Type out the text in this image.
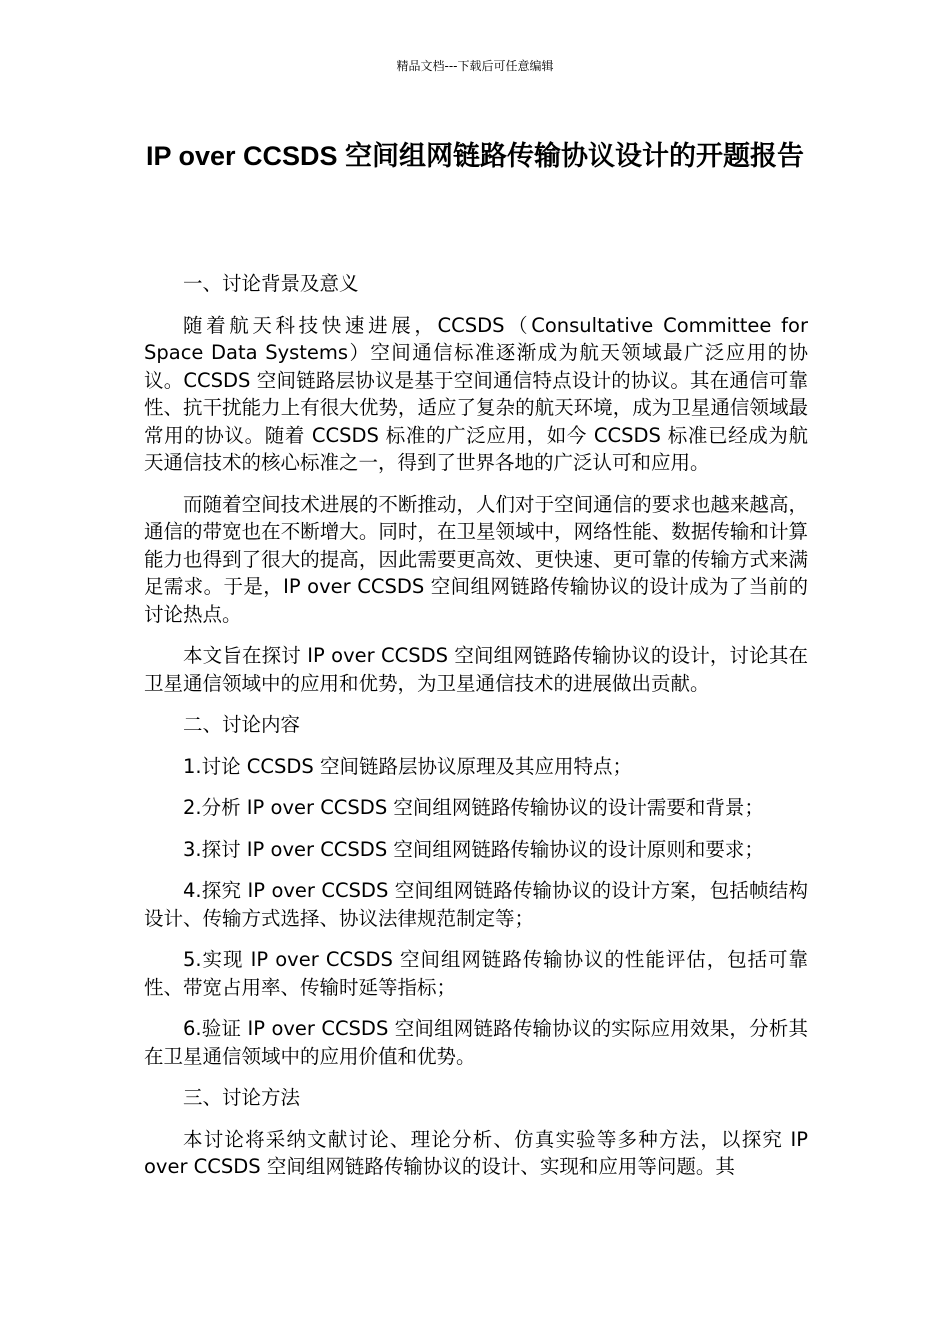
精品文档---下载后可任意编辑
IP over CCSDS 空间组网链路传输协议设计的开题报告

一、讨论背景及意义

随着航天科技快速进展，CCSDS（Consultative Committee for Space Data Systems）空间通信标准逐渐成为航天领域最广泛应用的协议。CCSDS 空间链路层协议是基于空间通信特点设计的协议。其在通信可靠性、抗干扰能力上有很大优势，适应了复杂的航天环境，成为卫星通信领域最常用的协议。随着 CCSDS 标准的广泛应用，如今 CCSDS 标准已经成为航天通信技术的核心标准之一，得到了世界各地的广泛认可和应用。

而随着空间技术进展的不断推动，人们对于空间通信的要求也越来越高，通信的带宽也在不断增大。同时，在卫星领域中，网络性能、数据传输和计算能力也得到了很大的提高，因此需要更高效、更快速、更可靠的传输方式来满足需求。于是，IP over CCSDS 空间组网链路传输协议的设计成为了当前的讨论热点。

本文旨在探讨 IP over CCSDS 空间组网链路传输协议的设计，讨论其在卫星通信领域中的应用和优势，为卫星通信技术的进展做出贡献。

二、讨论内容

1.讨论 CCSDS 空间链路层协议原理及其应用特点；

2.分析 IP over CCSDS 空间组网链路传输协议的设计需要和背景；

3.探讨 IP over CCSDS 空间组网链路传输协议的设计原则和要求；

4.探究 IP over CCSDS 空间组网链路传输协议的设计方案，包括帧结构设计、传输方式选择、协议法律规范制定等；

5.实现 IP over CCSDS 空间组网链路传输协议的性能评估，包括可靠性、带宽占用率、传输时延等指标；

6.验证 IP over CCSDS 空间组网链路传输协议的实际应用效果，分析其在卫星通信领域中的应用价值和优势。

三、讨论方法

本讨论将采纳文献讨论、理论分析、仿真实验等多种方法，以探究 IP over CCSDS 空间组网链路传输协议的设计、实现和应用等问题。其
